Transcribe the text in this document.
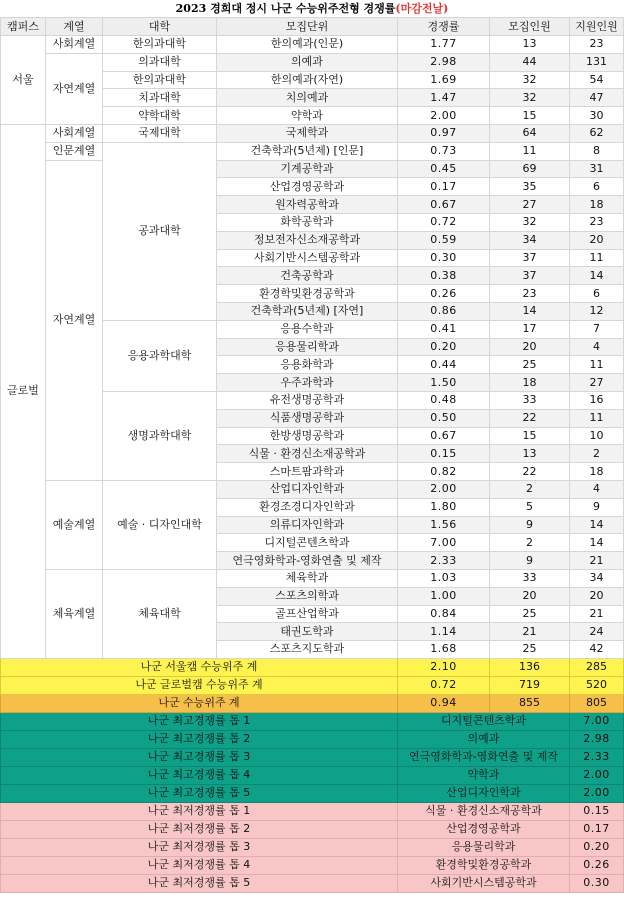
2023 경희대 정시 나군 수능위주전형 경쟁률(마감전날)
캠퍼스	계열	대학	모집단위	경쟁률	모집인원	지원인원
서울	사회계열	한의과대학	한의예과(인문)	1.77	13	23
	자연계열	의과대학	의예과	2.98	44	131
		한의과대학	한의예과(자연)	1.69	32	54
		치과대학	치의예과	1.47	32	47
		약학대학	약학과	2.00	15	30
글로벌	사회계열	국제대학	국제학과	0.97	64	62
	인문계열	공과대학	건축학과(5년제) [인문]	0.73	11	8
	자연계열		기계공학과	0.45	69	31
			산업경영공학과	0.17	35	6
			원자력공학과	0.67	27	18
			화학공학과	0.72	32	23
			정보전자신소재공학과	0.59	34	20
			사회기반시스템공학과	0.30	37	11
			건축공학과	0.38	37	14
			환경학및환경공학과	0.26	23	6
			건축학과(5년제) [자연]	0.86	14	12
		응용과학대학	응용수학과	0.41	17	7
			응용물리학과	0.20	20	4
			응용화학과	0.44	25	11
			우주과학과	1.50	18	27
		생명과학대학	유전생명공학과	0.48	33	16
			식품생명공학과	0.50	22	11
			한방생명공학과	0.67	15	10
			식물 · 환경신소재공학과	0.15	13	2
			스마트팜과학과	0.82	22	18
	예술계열	예술 · 디자인대학	산업디자인학과	2.00	2	4
			환경조경디자인학과	1.80	5	9
			의류디자인학과	1.56	9	14
			디지털콘텐츠학과	7.00	2	14
			연극영화학과-영화연출 및 제작	2.33	9	21
	체육계열	체육대학	체육학과	1.03	33	34
			스포츠의학과	1.00	20	20
			골프산업학과	0.84	25	21
			태권도학과	1.14	21	24
			스포츠지도학과	1.68	25	42
나군 서울캠 수능위주 계				2.10	136	285
나군 글로벌캠 수능위주 계				0.72	719	520
나군 수능위주 계				0.94	855	805
나군 최고경쟁률 톱 1				디지털콘텐츠학과		7.00
나군 최고경쟁률 톱 2				의예과		2.98
나군 최고경쟁률 톱 3				연극영화학과-영화연출 및 제작		2.33
나군 최고경쟁률 톱 4				약학과		2.00
나군 최고경쟁률 톱 5				산업디자인학과		2.00
나군 최저경쟁률 톱 1				식물 · 환경신소재공학과		0.15
나군 최저경쟁률 톱 2				산업경영공학과		0.17
나군 최저경쟁률 톱 3				응용물리학과		0.20
나군 최저경쟁률 톱 4				환경학및환경공학과		0.26
나군 최저경쟁률 톱 5				사회기반시스템공학과		0.30
